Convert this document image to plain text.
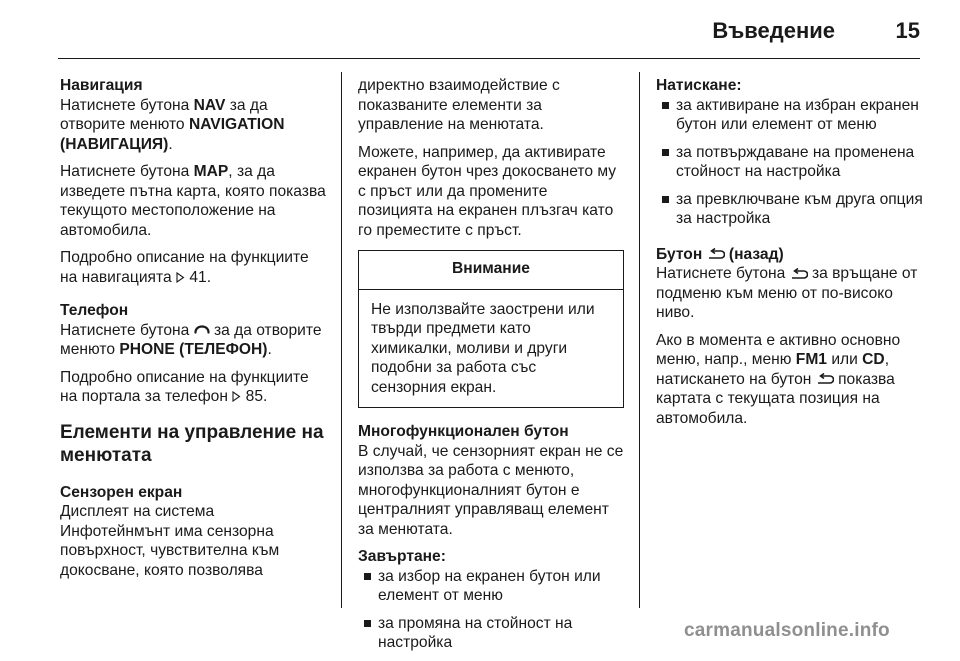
Въведение	15
Навигация

Натиснете бутона NAV за да отворите менюто NAVIGATION (НАВИГАЦИЯ).

Натиснете бутона MAP, за да изведете пътна карта, която показва текущото местоположение на автомобила.

Подробно описание на функциите на навигацията  41.

Телефон

Натиснете бутона  за да отворите менюто PHONE (ТЕЛЕФОН).

Подробно описание на функциите на портала за телефон  85.

Елементи на управление на менютата
Сензорен екран

Дисплеят на система Инфотейнмънт има сензорна повърхност, чувствителна към докосване, която позволява

директно взаимодействие с показваните елементи за управление на менютата.

Можете, например, да активирате екранен бутон чрез докосването му с пръст или да промените позицията на екранен плъзгач като го преместите с пръст.

Внимание
Не използвайте заострени или твърди предмети като химикалки, моливи и други подобни за работа със сензорния екран.
Многофункционален бутон

В случай, че сензорният екран не се използва за работа с менюто, многофункционалният бутон е централният управляващ елемент за менютата.

Завъртане:
за избор на екранен бутон или елемент от меню
за промяна на стойност на настройка
Натискане:
за активиране на избран екранен бутон или елемент от меню
за потвърждаване на променена стойност на настройка
за превключване към друга опция за настройка
Бутон  (назад)

Натиснете бутона  за връщане от подменю към меню от по-високо ниво.

Ако в момента е активно основно меню, напр., меню FM1 или CD, натискането на бутон  показва картата с текущата позиция на автомобила.

carmanualsonline.info
